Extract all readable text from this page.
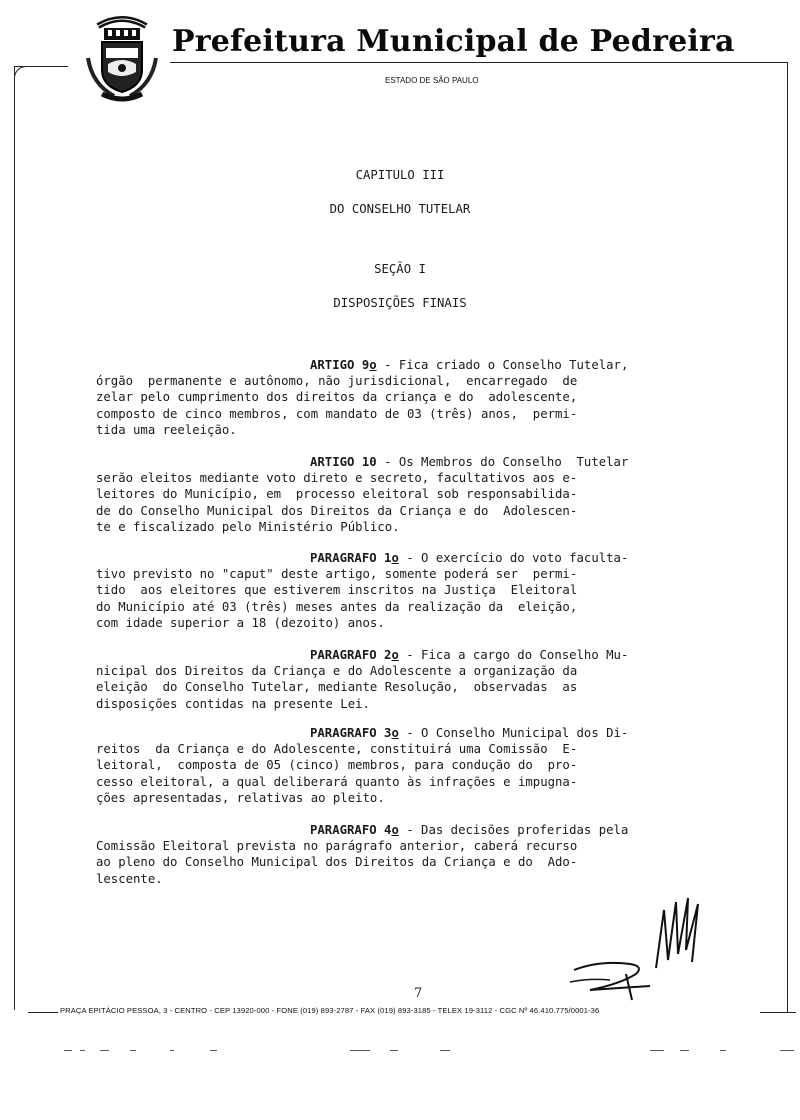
Prefeitura Municipal de Pedreira
ESTADO DE SÃO PAULO
CAPITULO III
DO CONSELHO TUTELAR
SEÇÃO I
DISPOSIÇÕES FINAIS
ARTIGO 9o - Fica criado o Conselho Tutelar,
órgão  permanente e autônomo, não jurisdicional,  encarregado  de
zelar pelo cumprimento dos direitos da criança e do  adolescente,
composto de cinco membros, com mandato de 03 (três) anos,  permi-
tida uma reeleição.
ARTIGO 10 - Os Membros do Conselho  Tutelar
serão eleitos mediante voto direto e secreto, facultativos aos e-
leitores do Município, em  processo eleitoral sob responsabilida-
de do Conselho Municipal dos Direitos da Criança e do  Adolescen-
te e fiscalizado pelo Ministério Público.
PARAGRAFO 1o - O exercício do voto facultа-
tivo previsto no "caput" deste artigo, somente poderá ser  permi-
tido  aos eleitores que estiverem inscritos na Justiça  Eleitoral
do Município até 03 (três) meses antes da realização da  eleição,
com idade superior a 18 (dezoito) anos.
PARAGRAFO 2o - Fica a cargo do Conselho Mu-
nicipal dos Direitos da Criança e do Adolescente a organização da
eleição  do Conselho Tutelar, mediante Resolução,  observadas  as
disposições contidas na presente Lei.
PARAGRAFO 3o - O Conselho Municipal dos Di-
reitos  da Criança e do Adolescente, constituirá uma Comissão  E-
leitoral,  composta de 05 (cinco) membros, para condução do  pro-
cesso eleitoral, a qual deliberará quanto às infrações e impugna-
ções apresentadas, relativas ao pleito.
PARAGRAFO 4o - Das decisões proferidas pela
Comissão Eleitoral prevista no parágrafo anterior, caberá recurso
ao pleno do Conselho Municipal dos Direitos da Criança e do  Ado-
lescente.
7
PRAÇA EPITÁCIO PESSOA, 3 - CENTRO - CEP 13920-000 - FONE (019) 893-2787 - FAX (019) 893-3185 - TELEX 19-3112 - CGC Nº 46.410.775/0001-36
